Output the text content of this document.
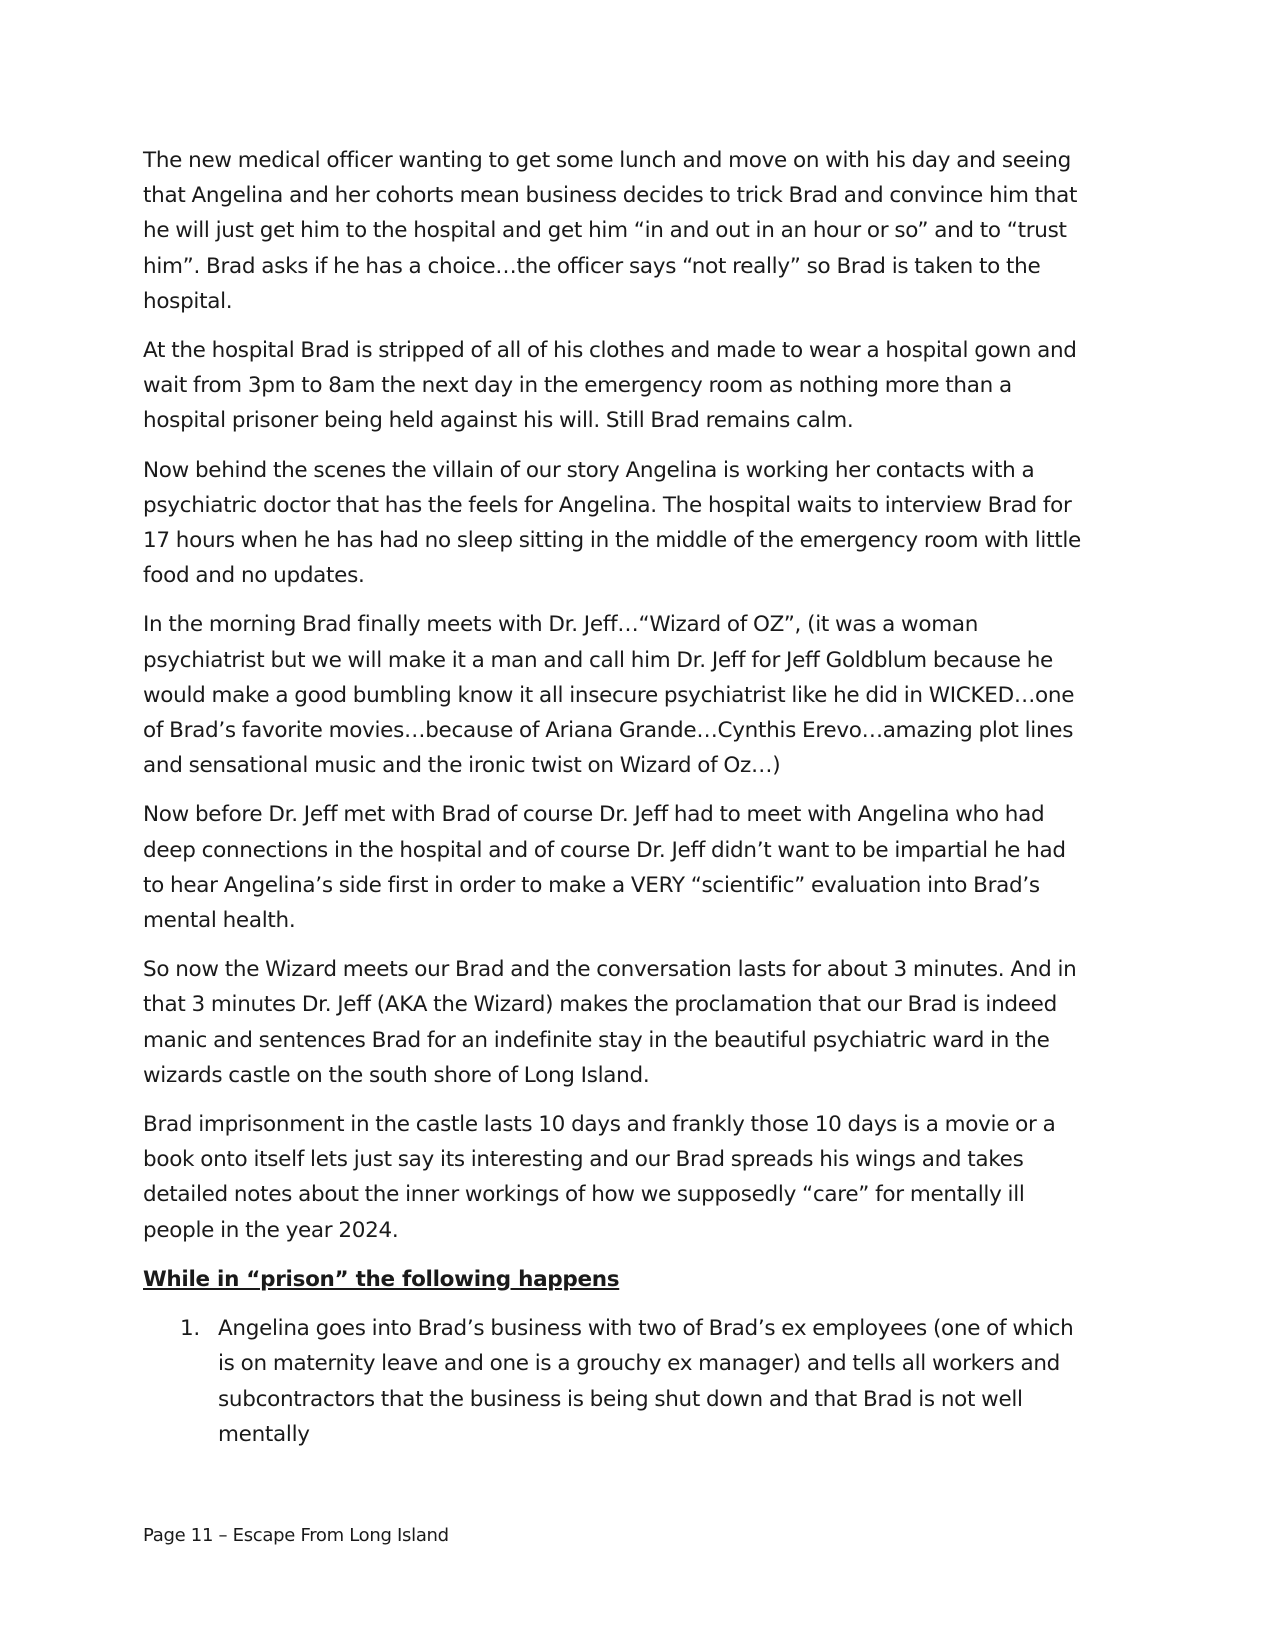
The new medical officer wanting to get some lunch and move on with his day and seeing that Angelina and her cohorts mean business decides to trick Brad and convince him that he will just get him to the hospital and get him “in and out in an hour or so” and to “trust him”. Brad asks if he has a choice…the officer says “not really” so Brad is taken to the hospital.

At the hospital Brad is stripped of all of his clothes and made to wear a hospital gown and wait from 3pm to 8am the next day in the emergency room as nothing more than a hospital prisoner being held against his will. Still Brad remains calm.

Now behind the scenes the villain of our story Angelina is working her contacts with a psychiatric doctor that has the feels for Angelina. The hospital waits to interview Brad for 17 hours when he has had no sleep sitting in the middle of the emergency room with little food and no updates.

In the morning Brad finally meets with Dr. Jeff…“Wizard of OZ”, (it was a woman psychiatrist but we will make it a man and call him Dr. Jeff for Jeff Goldblum because he would make a good bumbling know it all insecure psychiatrist like he did in WICKED…one of Brad’s favorite movies…because of Ariana Grande…Cynthis Erevo…amazing plot lines and sensational music and the ironic twist on Wizard of Oz…)

Now before Dr. Jeff met with Brad of course Dr. Jeff had to meet with Angelina who had deep connections in the hospital and of course Dr. Jeff didn’t want to be impartial he had to hear Angelina’s side first in order to make a VERY “scientific” evaluation into Brad’s mental health.

So now the Wizard meets our Brad and the conversation lasts for about 3 minutes. And in that 3 minutes Dr. Jeff (AKA the Wizard) makes the proclamation that our Brad is indeed manic and sentences Brad for an indefinite stay in the beautiful psychiatric ward in the wizards castle on the south shore of Long Island.

Brad imprisonment in the castle lasts 10 days and frankly those 10 days is a movie or a book onto itself lets just say its interesting and our Brad spreads his wings and takes detailed notes about the inner workings of how we supposedly “care” for mentally ill people in the year 2024.

While in “prison” the following happens

1. Angelina goes into Brad’s business with two of Brad’s ex employees (one of which is on maternity leave and one is a grouchy ex manager) and tells all workers and subcontractors that the business is being shut down and that Brad is not well mentally
Page 11 – Escape From Long Island
